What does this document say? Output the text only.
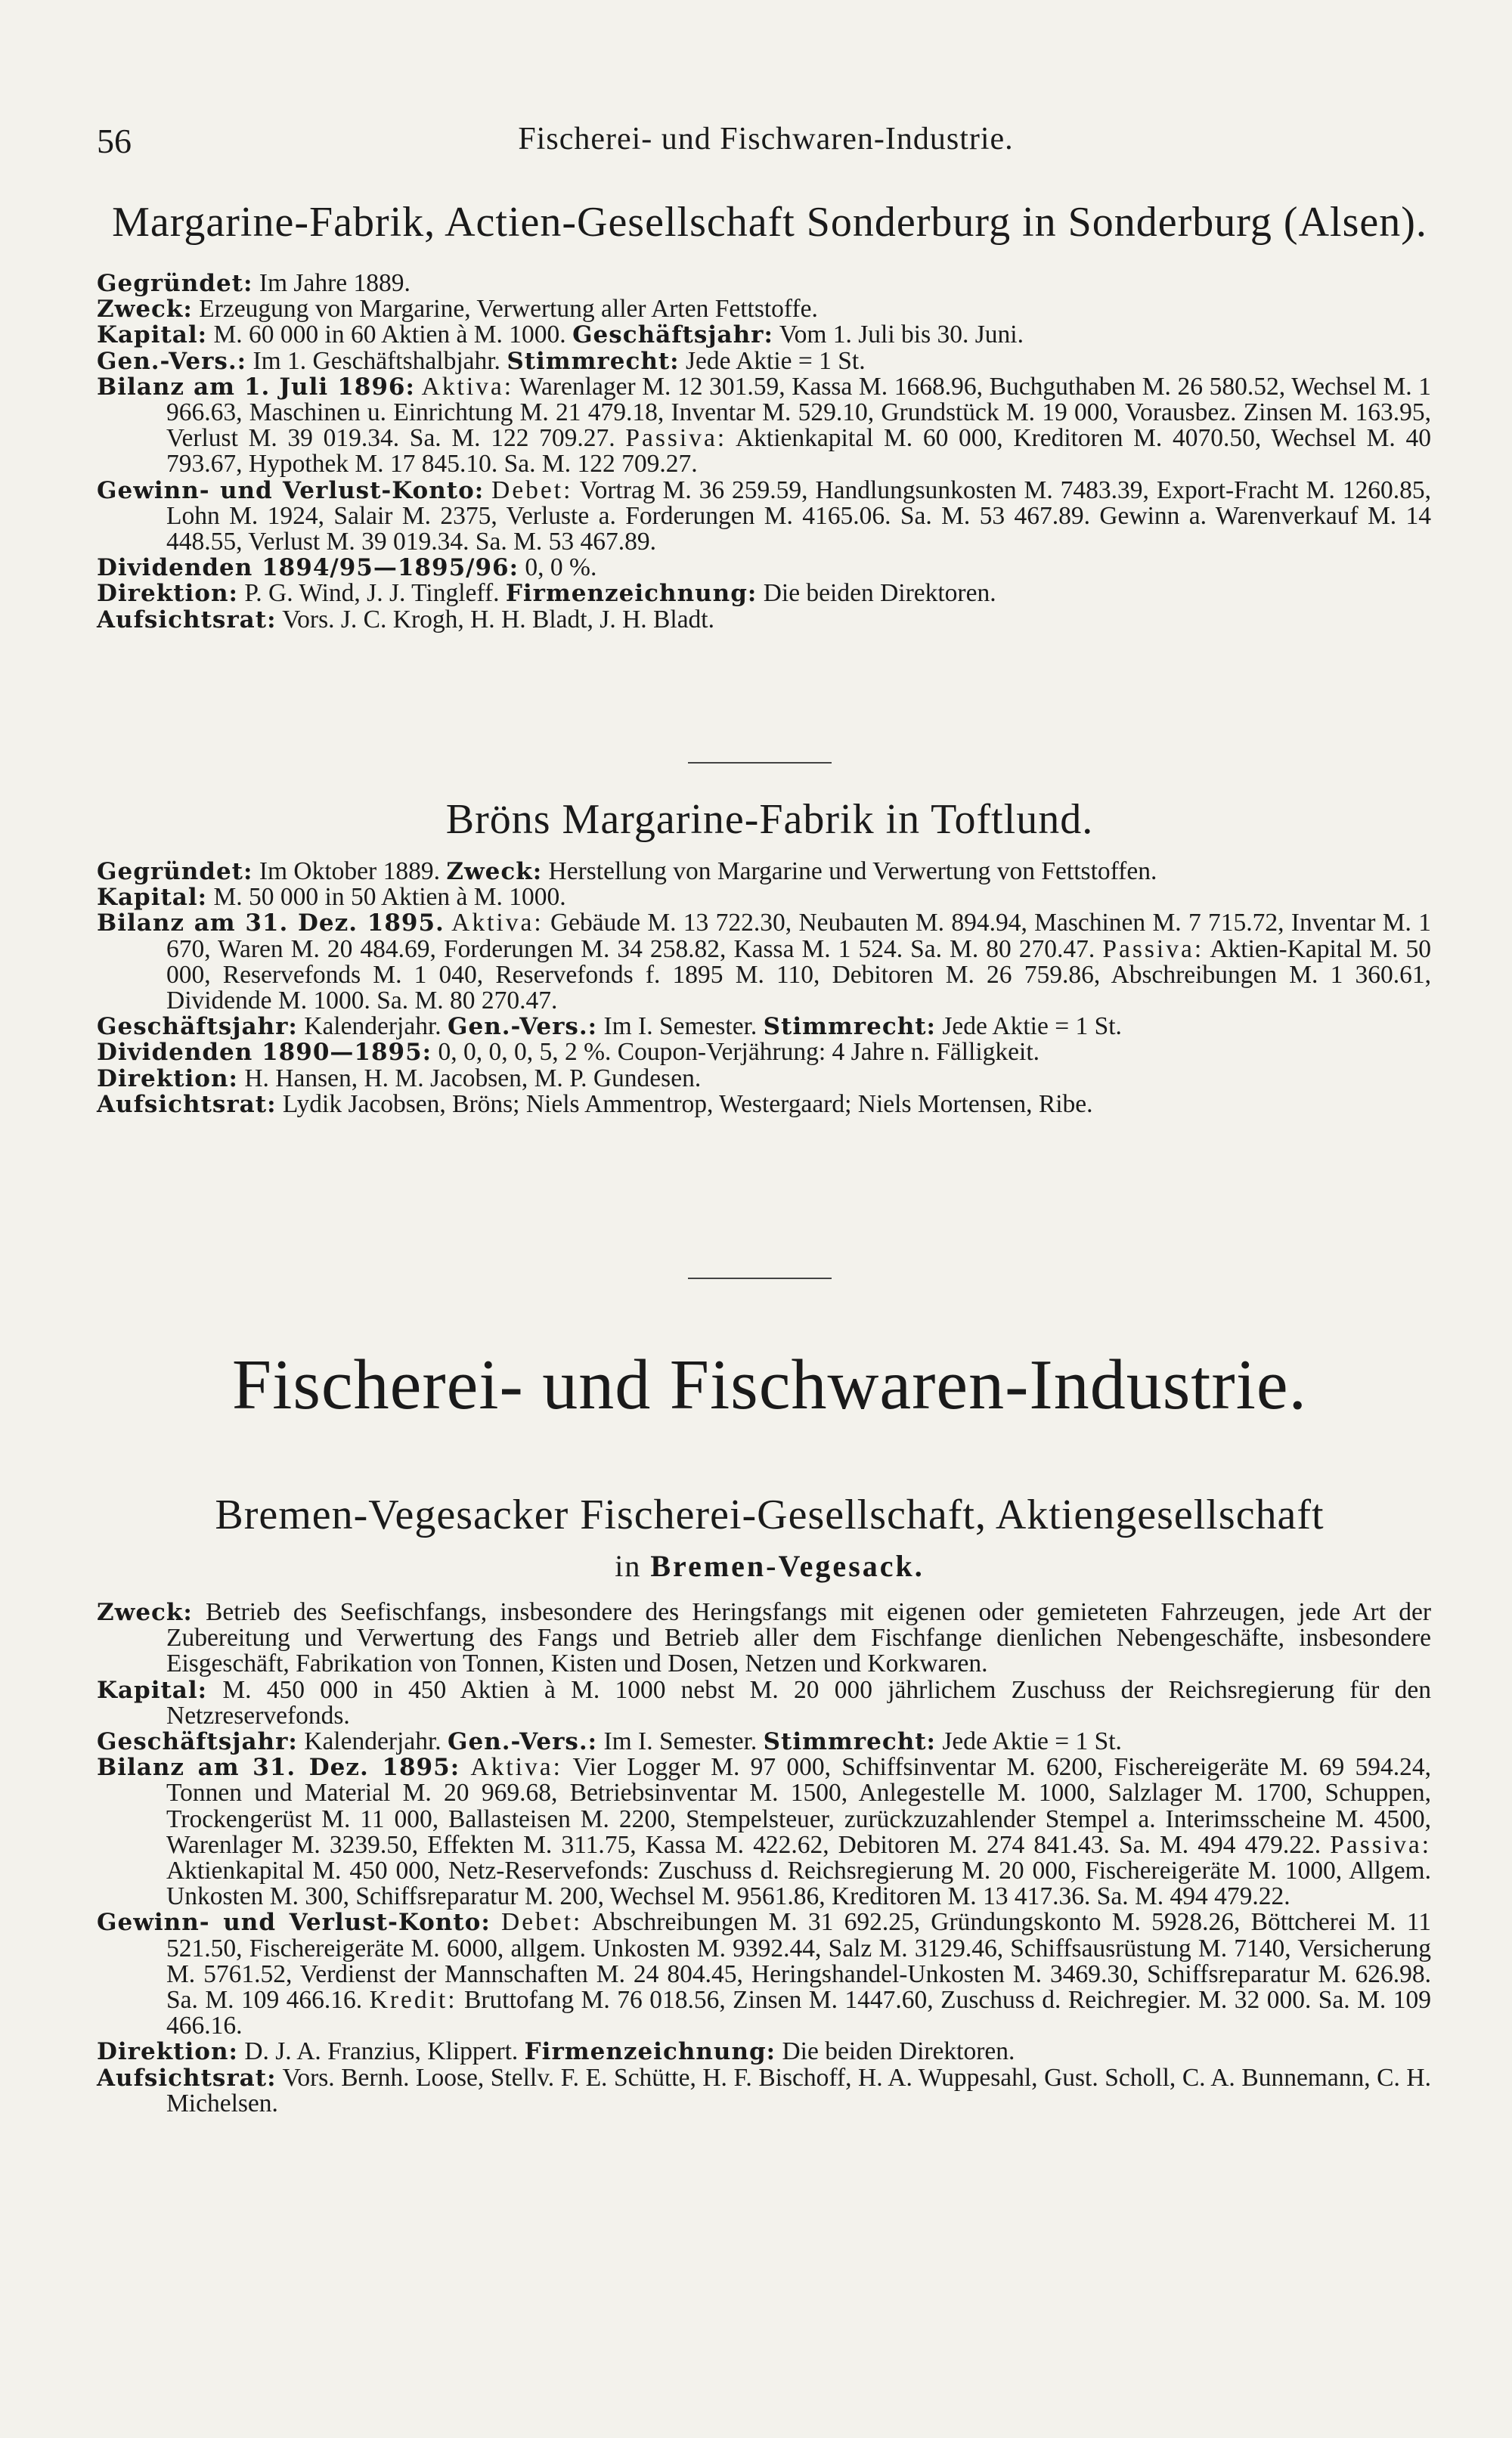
56	Fischerei- und Fischwaren-Industrie.
Margarine-Fabrik, Actien-Gesellschaft Sonderburg in Sonderburg (Alsen).

Gegründet: Im Jahre 1889.

Zweck: Erzeugung von Margarine, Verwertung aller Arten Fettstoffe.

Kapital: M. 60 000 in 60 Aktien à M. 1000. Geschäftsjahr: Vom 1. Juli bis 30. Juni.

Gen.-Vers.: Im 1. Geschäftshalbjahr. Stimmrecht: Jede Aktie = 1 St.

Bilanz am 1. Juli 1896: Aktiva: Warenlager M. 12 301.59, Kassa M. 1668.96, Buchguthaben M. 26 580.52, Wechsel M. 1 966.63, Maschinen u. Einrichtung M. 21 479.18, Inventar M. 529.10, Grundstück M. 19 000, Vorausbez. Zinsen M. 163.95, Verlust M. 39 019.34. Sa. M. 122 709.27. Passiva: Aktienkapital M. 60 000, Kreditoren M. 4070.50, Wechsel M. 40 793.67, Hypothek M. 17 845.10. Sa. M. 122 709.27.

Gewinn- und Verlust-Konto: Debet: Vortrag M. 36 259.59, Handlungsunkosten M. 7483.39, Export-Fracht M. 1260.85, Lohn M. 1924, Salair M. 2375, Verluste a. Forderungen M. 4165.06. Sa. M. 53 467.89. Gewinn a. Warenverkauf M. 14 448.55, Verlust M. 39 019.34. Sa. M. 53 467.89.

Dividenden 1894/95—1895/96: 0, 0 %.

Direktion: P. G. Wind, J. J. Tingleff. Firmenzeichnung: Die beiden Direktoren.

Aufsichtsrat: Vors. J. C. Krogh, H. H. Bladt, J. H. Bladt.

Bröns Margarine-Fabrik in Toftlund.

Gegründet: Im Oktober 1889. Zweck: Herstellung von Margarine und Verwertung von Fettstoffen.

Kapital: M. 50 000 in 50 Aktien à M. 1000.

Bilanz am 31. Dez. 1895. Aktiva: Gebäude M. 13 722.30, Neubauten M. 894.94, Maschinen M. 7 715.72, Inventar M. 1 670, Waren M. 20 484.69, Forderungen M. 34 258.82, Kassa M. 1 524. Sa. M. 80 270.47. Passiva: Aktien-Kapital M. 50 000, Reservefonds M. 1 040, Reservefonds f. 1895 M. 110, Debitoren M. 26 759.86, Abschreibungen M. 1 360.61, Dividende M. 1000. Sa. M. 80 270.47.

Geschäftsjahr: Kalenderjahr. Gen.-Vers.: Im I. Semester. Stimmrecht: Jede Aktie = 1 St.

Dividenden 1890—1895: 0, 0, 0, 0, 5, 2 %. Coupon-Verjährung: 4 Jahre n. Fälligkeit.

Direktion: H. Hansen, H. M. Jacobsen, M. P. Gundesen.

Aufsichtsrat: Lydik Jacobsen, Bröns; Niels Ammentrop, Westergaard; Niels Mortensen, Ribe.

Fischerei- und Fischwaren-Industrie.
Bremen-Vegesacker Fischerei-Gesellschaft, Aktiengesellschaft
in Bremen-Vegesack.

Zweck: Betrieb des Seefischfangs, insbesondere des Heringsfangs mit eigenen oder gemieteten Fahrzeugen, jede Art der Zubereitung und Verwertung des Fangs und Betrieb aller dem Fischfange dienlichen Nebengeschäfte, insbesondere Eisgeschäft, Fabrikation von Tonnen, Kisten und Dosen, Netzen und Korkwaren.

Kapital: M. 450 000 in 450 Aktien à M. 1000 nebst M. 20 000 jährlichem Zuschuss der Reichsregierung für den Netzreservefonds.

Geschäftsjahr: Kalenderjahr. Gen.-Vers.: Im I. Semester. Stimmrecht: Jede Aktie = 1 St.

Bilanz am 31. Dez. 1895: Aktiva: Vier Logger M. 97 000, Schiffsinventar M. 6200, Fischereigeräte M. 69 594.24, Tonnen und Material M. 20 969.68, Betriebsinventar M. 1500, Anlegestelle M. 1000, Salzlager M. 1700, Schuppen, Trockengerüst M. 11 000, Ballasteisen M. 2200, Stempelsteuer, zurückzuzahlender Stempel a. Interimsscheine M. 4500, Warenlager M. 3239.50, Effekten M. 311.75, Kassa M. 422.62, Debitoren M. 274 841.43. Sa. M. 494 479.22. Passiva: Aktienkapital M. 450 000, Netz-Reservefonds: Zuschuss d. Reichsregierung M. 20 000, Fischereigeräte M. 1000, Allgem. Unkosten M. 300, Schiffsreparatur M. 200, Wechsel M. 9561.86, Kreditoren M. 13 417.36. Sa. M. 494 479.22.

Gewinn- und Verlust-Konto: Debet: Abschreibungen M. 31 692.25, Gründungskonto M. 5928.26, Böttcherei M. 11 521.50, Fischereigeräte M. 6000, allgem. Unkosten M. 9392.44, Salz M. 3129.46, Schiffsausrüstung M. 7140, Versicherung M. 5761.52, Verdienst der Mannschaften M. 24 804.45, Heringshandel-Unkosten M. 3469.30, Schiffsreparatur M. 626.98. Sa. M. 109 466.16. Kredit: Bruttofang M. 76 018.56, Zinsen M. 1447.60, Zuschuss d. Reichregier. M. 32 000. Sa. M. 109 466.16.

Direktion: D. J. A. Franzius, Klippert. Firmenzeichnung: Die beiden Direktoren.

Aufsichtsrat: Vors. Bernh. Loose, Stellv. F. E. Schütte, H. F. Bischoff, H. A. Wuppesahl, Gust. Scholl, C. A. Bunnemann, C. H. Michelsen.
